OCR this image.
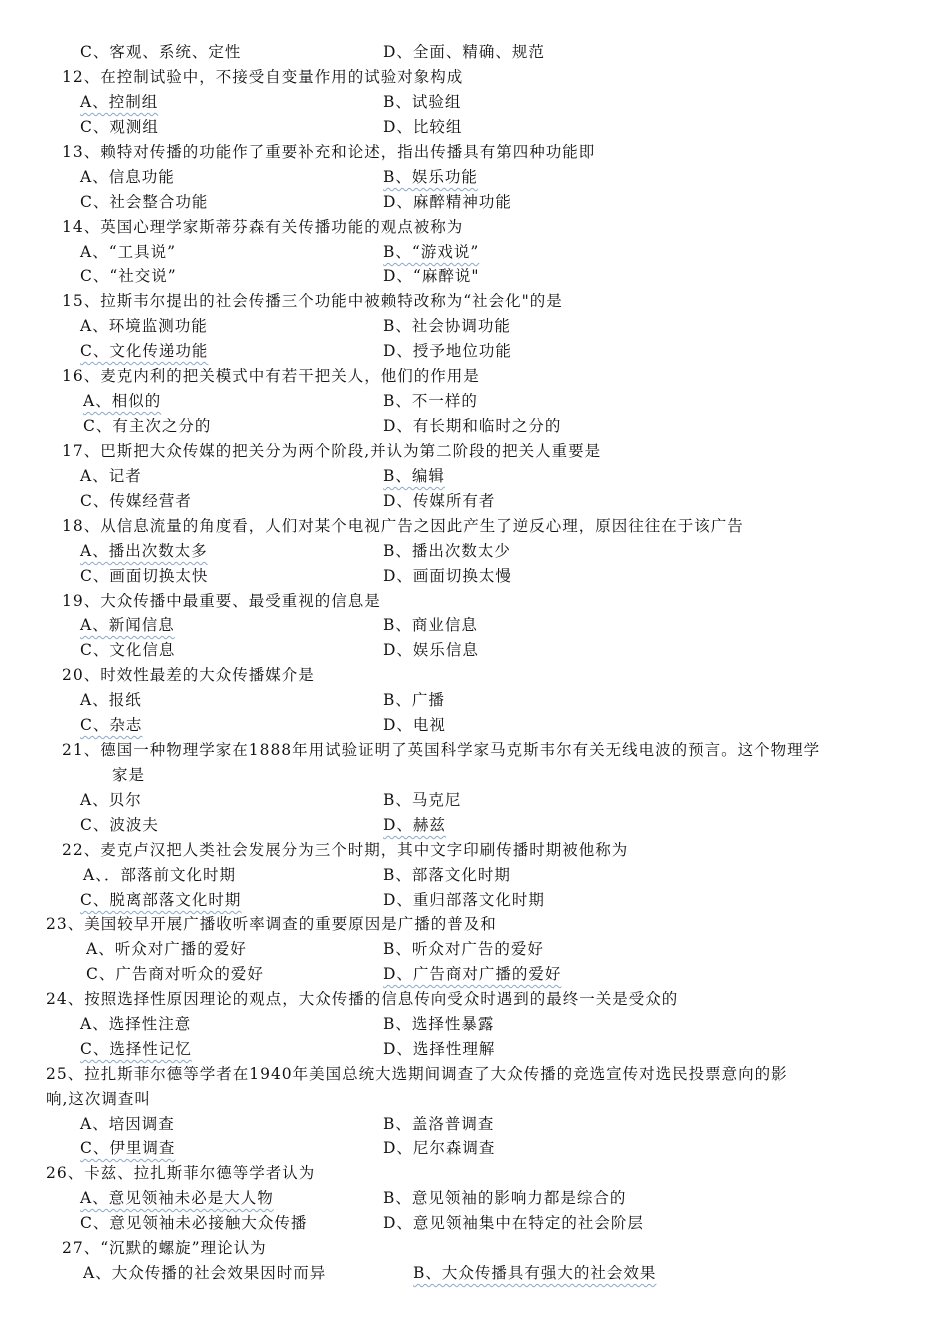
C、客观、系统、定性	D、全面、精确、规范
12、在控制试验中，不接受自变量作用的试验对象构成
A、控制组	B、试验组
C、观测组	D、比较组
13、赖特对传播的功能作了重要补充和论述，指出传播具有第四种功能即
A、信息功能	B、娱乐功能
C、社会整合功能	D、麻醉精神功能
14、英国心理学家斯蒂芬森有关传播功能的观点被称为
A、“工具说”	B、“游戏说”
C、“社交说”	D、“麻醉说"
15、拉斯韦尔提出的社会传播三个功能中被赖特改称为“社会化"的是
A、环境监测功能	B、社会协调功能
C、文化传递功能	D、授予地位功能
16、麦克内利的把关模式中有若干把关人，他们的作用是
A、相似的	B、不一样的
C、有主次之分的	D、有长期和临时之分的
17、巴斯把大众传媒的把关分为两个阶段,并认为第二阶段的把关人重要是
A、记者	B、编辑
C、传媒经营者	D、传媒所有者
18、从信息流量的角度看，人们对某个电视广告之因此产生了逆反心理，原因往往在于该广告
A、播出次数太多	B、播出次数太少
C、画面切换太快	D、画面切换太慢
19、大众传播中最重要、最受重视的信息是
A、新闻信息	B、商业信息
C、文化信息	D、娱乐信息
20、时效性最差的大众传播媒介是
A、报纸	B、广播
C、杂志	D、电视
21、德国一种物理学家在1888年用试验证明了英国科学家马克斯韦尔有关无线电波的预言。这个物理学
家是
A、贝尔	B、马克尼
C、波波夫	D、赫兹
22、麦克卢汉把人类社会发展分为三个时期，其中文字印刷传播时期被他称为
A、．部落前文化时期	B、部落文化时期
C、脱离部落文化时期	D、重归部落文化时期
23、美国较早开展广播收听率调查的重要原因是广播的普及和
A、听众对广播的爱好	B、听众对广告的爱好
C、广告商对听众的爱好	D、广告商对广播的爱好
24、按照选择性原因理论的观点，大众传播的信息传向受众时遇到的最终一关是受众的
A、选择性注意	B、选择性暴露
C、选择性记忆	D、选择性理解
25、拉扎斯菲尔德等学者在1940年美国总统大选期间调查了大众传播的竞选宣传对选民投票意向的影
响,这次调查叫
A、培因调查	B、盖洛普调查
C、伊里调查	D、尼尔森调查
26、卡兹、拉扎斯菲尔德等学者认为
A、意见领袖未必是大人物	B、意见领袖的影响力都是综合的
C、意见领袖未必接触大众传播	D、意见领袖集中在特定的社会阶层
27、“沉默的螺旋”理论认为
A、大众传播的社会效果因时而异	B、大众传播具有强大的社会效果
